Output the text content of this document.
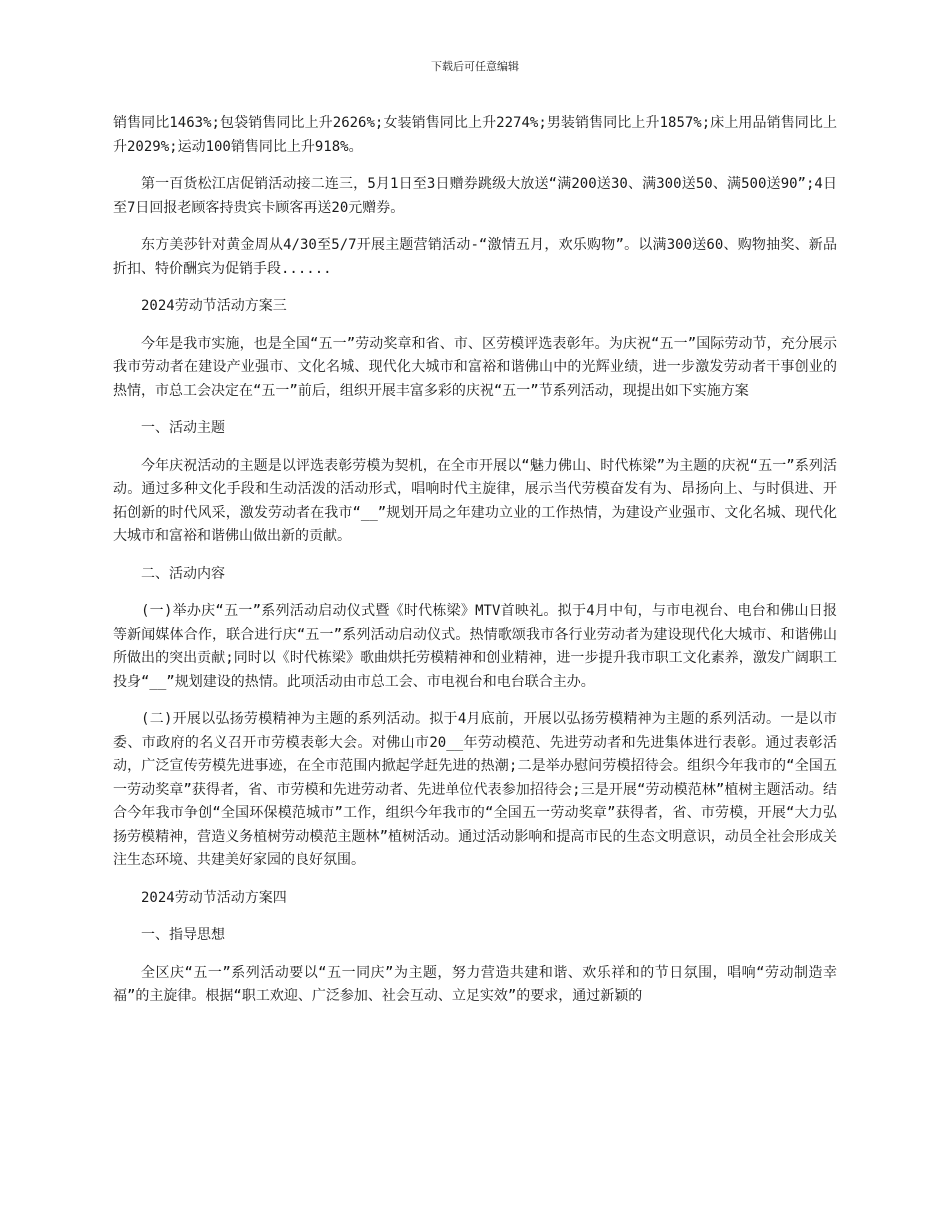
下载后可任意编辑

销售同比1463%;包袋销售同比上升2626%;女装销售同比上升2274%;男装销售同比上升1857%;床上用品销售同比上升2029%;运动100销售同比上升918%。

第一百货松江店促销活动接二连三，5月1日至3日赠券跳级大放送“满200送30、满300送50、满500送90”;4日至7日回报老顾客持贵宾卡顾客再送20元赠券。

东方美莎针对黄金周从4/30至5/7开展主题营销活动-“激情五月，欢乐购物”。以满300送60、购物抽奖、新品折扣、特价酬宾为促销手段......

2024劳动节活动方案三

今年是我市实施，也是全国“五一”劳动奖章和省、市、区劳模评选表彰年。为庆祝“五一”国际劳动节，充分展示我市劳动者在建设产业强市、文化名城、现代化大城市和富裕和谐佛山中的光辉业绩，进一步激发劳动者干事创业的热情，市总工会决定在“五一”前后，组织开展丰富多彩的庆祝“五一”节系列活动，现提出如下实施方案

一、活动主题

今年庆祝活动的主题是以评选表彰劳模为契机，在全市开展以“魅力佛山、时代栋梁”为主题的庆祝“五一”系列活动。通过多种文化手段和生动活泼的活动形式，唱响时代主旋律，展示当代劳模奋发有为、昂扬向上、与时俱进、开拓创新的时代风采，激发劳动者在我市“__”规划开局之年建功立业的工作热情，为建设产业强市、文化名城、现代化大城市和富裕和谐佛山做出新的贡献。

二、活动内容

(一)举办庆“五一”系列活动启动仪式暨《时代栋梁》MTV首映礼。拟于4月中旬，与市电视台、电台和佛山日报等新闻媒体合作，联合进行庆“五一”系列活动启动仪式。热情歌颂我市各行业劳动者为建设现代化大城市、和谐佛山所做出的突出贡献;同时以《时代栋梁》歌曲烘托劳模精神和创业精神，进一步提升我市职工文化素养，激发广阔职工投身“__”规划建设的热情。此项活动由市总工会、市电视台和电台联合主办。

(二)开展以弘扬劳模精神为主题的系列活动。拟于4月底前，开展以弘扬劳模精神为主题的系列活动。一是以市委、市政府的名义召开市劳模表彰大会。对佛山市20__年劳动模范、先进劳动者和先进集体进行表彰。通过表彰活动，广泛宣传劳模先进事迹，在全市范围内掀起学赶先进的热潮;二是举办慰问劳模招待会。组织今年我市的“全国五一劳动奖章”获得者，省、市劳模和先进劳动者、先进单位代表参加招待会;三是开展“劳动模范林”植树主题活动。结合今年我市争创“全国环保模范城市”工作，组织今年我市的“全国五一劳动奖章”获得者，省、市劳模，开展“大力弘扬劳模精神，营造义务植树劳动模范主题林”植树活动。通过活动影响和提高市民的生态文明意识，动员全社会形成关注生态环境、共建美好家园的良好氛围。

2024劳动节活动方案四

一、指导思想

全区庆“五一”系列活动要以“五一同庆”为主题，努力营造共建和谐、欢乐祥和的节日氛围，唱响“劳动制造幸福”的主旋律。根据“职工欢迎、广泛参加、社会互动、立足实效”的要求，通过新颖的
